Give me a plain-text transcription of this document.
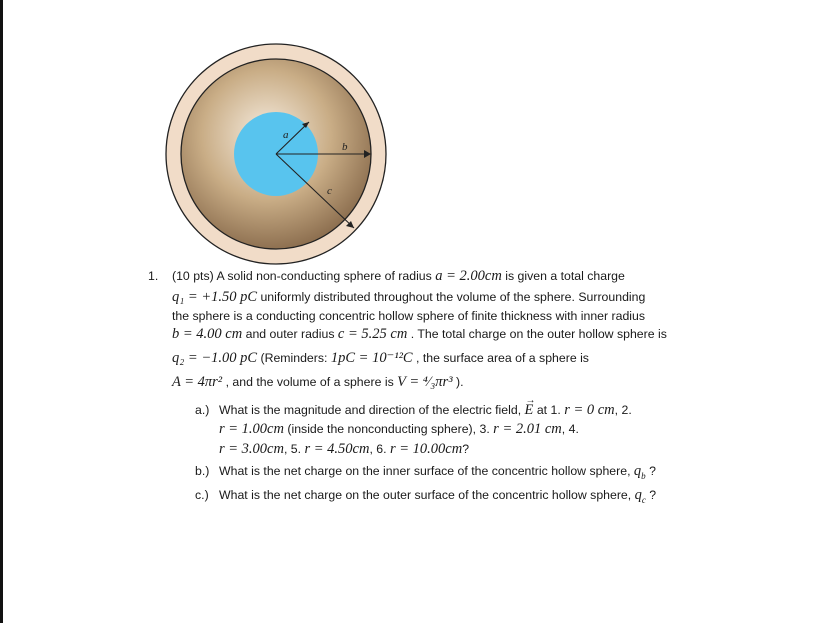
a
b
c
1. (10 pts) A solid non-conducting sphere of radius a = 2.00cm is given a total charge
q₁ = +1.50 pC uniformly distributed throughout the volume of the sphere. Surrounding
the sphere is a conducting concentric hollow sphere of finite thickness with inner radius
b = 4.00 cm and outer radius c = 5.25 cm . The total charge on the outer hollow sphere is
q₂ = −1.00 pC (Reminders: 1pC = 10⁻¹²C , the surface area of a sphere is
A = 4πr² , and the volume of a sphere is V = ⁴⁄₃πr³ ).
a.) What is the magnitude and direction of the electric field, → E at 1. r = 0 cm, 2.
r = 1.00cm (inside the nonconducting sphere), 3. r = 2.01 cm, 4.
r = 3.00cm, 5. r = 4.50cm, 6. r = 10.00cm?
b.) What is the net charge on the inner surface of the concentric hollow sphere, $q_b$ ?
c.) What is the net charge on the outer surface of the concentric hollow sphere, $q_c$ ?
